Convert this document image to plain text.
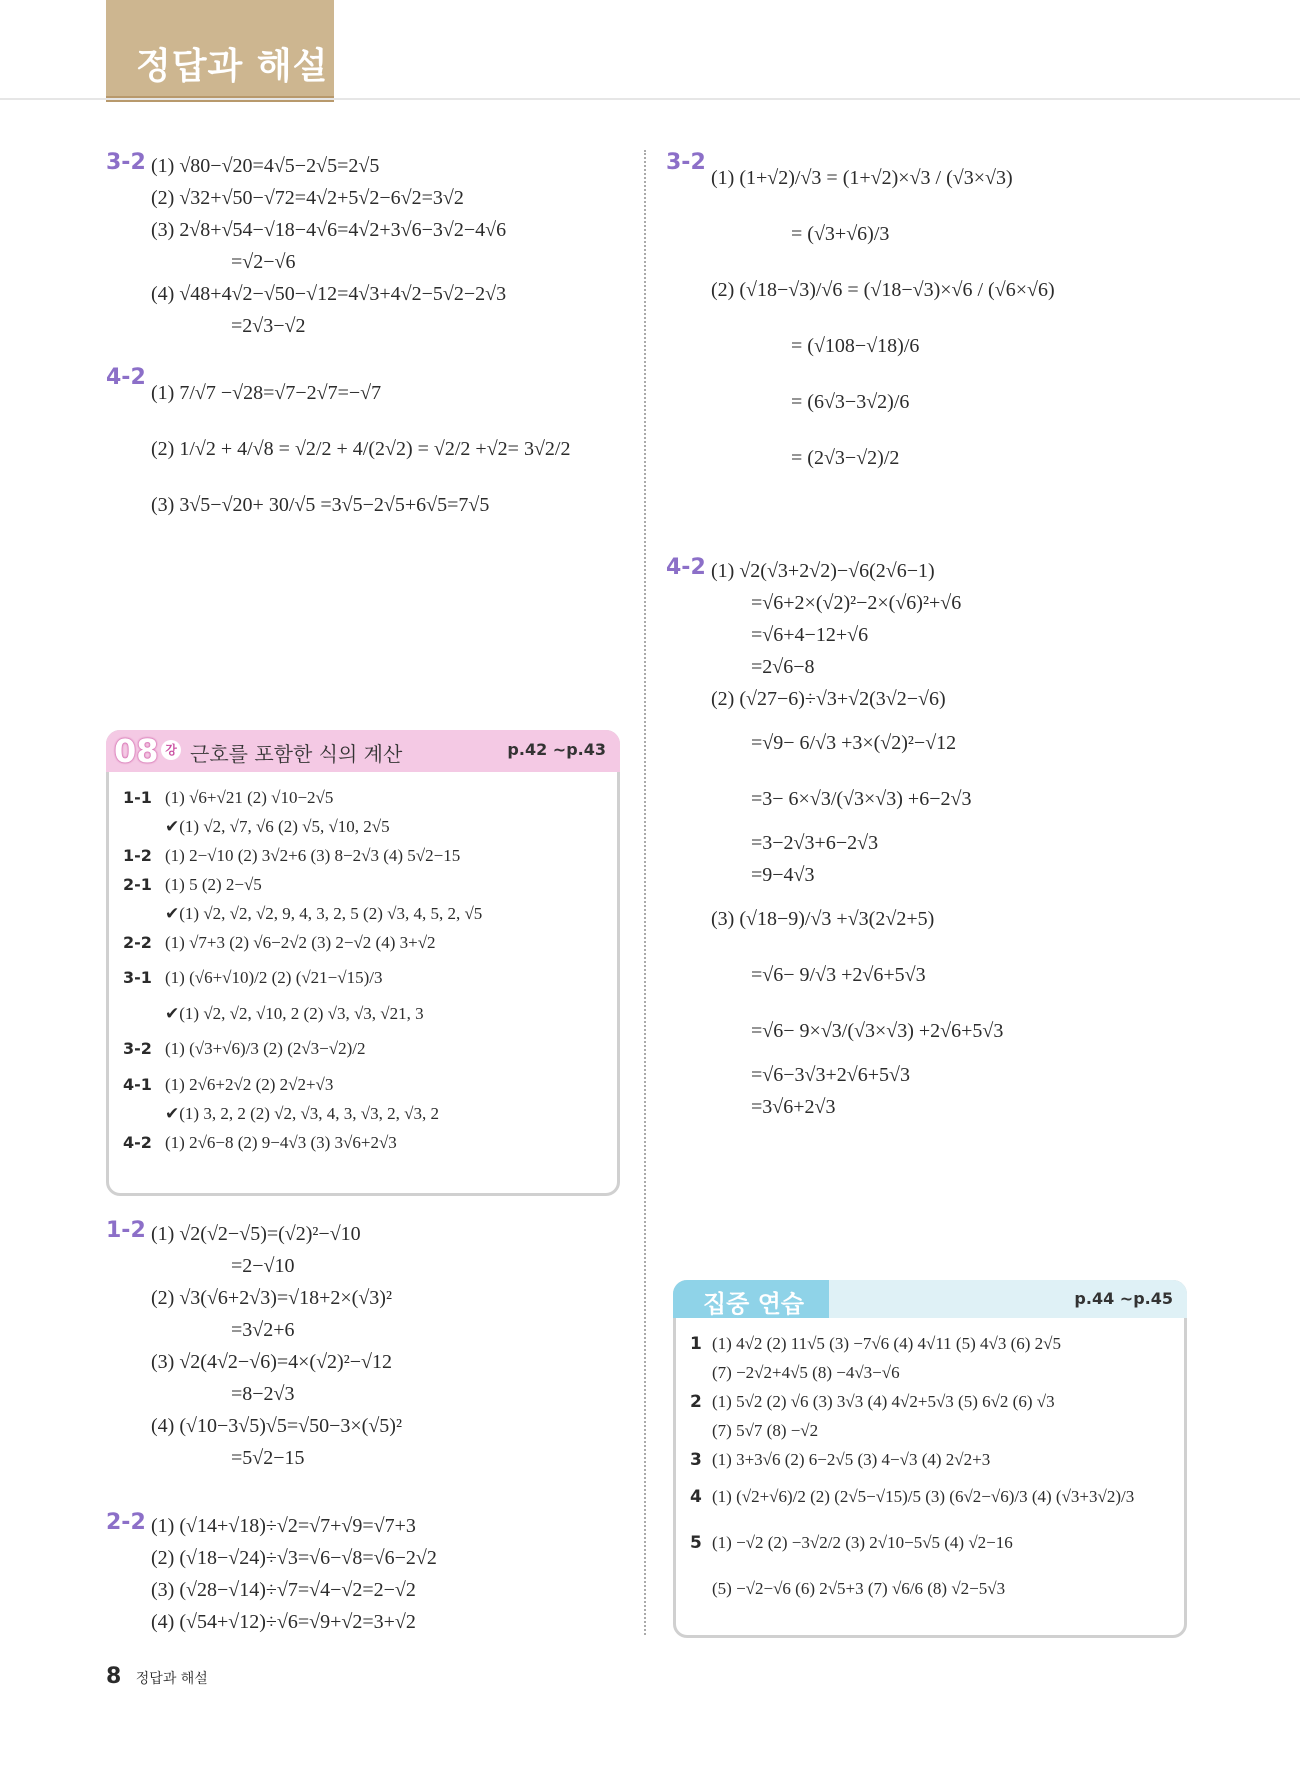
정답과 해설
3-2 (1) √80−√20=4√5−2√5=2√5
(2) √32+√50−√72=4√2+5√2−6√2=3√2
(3) 2√8+√54−√18−4√6=4√2+3√6−3√2−4√6
=√2−√6
(4) √48+4√2−√50−√12=4√3+4√2−5√2−2√3
=2√3−√2
4-2
(1) 7/√7 −√28=√7−2√7=−√7
(2) 1/√2 + 4/√8 = √2/2 + 4/(2√2) = √2/2 +√2= 3√2/2
(3) 3√5−√20+ 30/√5 =3√5−2√5+6√5=7√5
1-2 (1) √2(√2−√5)=(√2)²−√10
=2−√10
(2) √3(√6+2√3)=√18+2×(√3)²
=3√2+6
(3) √2(4√2−√6)=4×(√2)²−√12
=8−2√3
(4) (√10−3√5)√5=√50−3×(√5)²
=5√2−15
2-2 (1) (√14+√18)÷√2=√7+√9=√7+3
(2) (√18−√24)÷√3=√6−√8=√6−2√2
(3) (√28−√14)÷√7=√4−√2=2−√2
(4) (√54+√12)÷√6=√9+√2=3+√2
3-2
(1) (1+√2)/√3 = (1+√2)×√3 / (√3×√3)
= (√3+√6)/3
(2) (√18−√3)/√6 = (√18−√3)×√6 / (√6×√6)
= (√108−√18)/6
= (6√3−3√2)/6
= (2√3−√2)/2
4-2 (1) √2(√3+2√2)−√6(2√6−1)
=√6+2×(√2)²−2×(√6)²+√6
=√6+4−12+√6
=2√6−8
(2) (√27−6)÷√3+√2(3√2−√6)
=√9− 6/√3 +3×(√2)²−√12
=3− 6×√3/(√3×√3) +6−2√3
=3−2√3+6−2√3
=9−4√3
(3) (√18−9)/√3 +√3(2√2+5)
=√6− 9/√3 +2√6+5√3
=√6− 9×√3/(√3×√3) +2√6+5√3
=√6−3√3+2√6+5√3
=3√6+2√3
08 강 근호를 포함한 식의 계산	p.42 ~p.43
1-1 (1) √6+√21 (2) √10−2√5
✔(1) √2, √7, √6 (2) √5, √10, 2√5
1-2 (1) 2−√10 (2) 3√2+6 (3) 8−2√3 (4) 5√2−15
2-1 (1) 5 (2) 2−√5
✔(1) √2, √2, √2, 9, 4, 3, 2, 5 (2) √3, 4, 5, 2, √5
2-2 (1) √7+3 (2) √6−2√2 (3) 2−√2 (4) 3+√2
3-1 (1) (√6+√10)/2 (2) (√21−√15)/3
✔(1) √2, √2, √10, 2 (2) √3, √3, √21, 3
3-2 (1) (√3+√6)/3 (2) (2√3−√2)/2
4-1 (1) 2√6+2√2 (2) 2√2+√3
✔(1) 3, 2, 2 (2) √2, √3, 4, 3, √3, 2, √3, 2
4-2 (1) 2√6−8 (2) 9−4√3 (3) 3√6+2√3
집중 연습	p.44 ~p.45
1 (1) 4√2 (2) 11√5 (3) −7√6 (4) 4√11 (5) 4√3 (6) 2√5
(7) −2√2+4√5 (8) −4√3−√6
2 (1) 5√2 (2) √6 (3) 3√3 (4) 4√2+5√3 (5) 6√2 (6) √3
(7) 5√7 (8) −√2
3 (1) 3+3√6 (2) 6−2√5 (3) 4−√3 (4) 2√2+3
4 (1) (√2+√6)/2 (2) (2√5−√15)/5 (3) (6√2−√6)/3 (4) (√3+3√2)/3
5 (1) −√2 (2) −3√2/2 (3) 2√10−5√5 (4) √2−16
(5) −√2−√6 (6) 2√5+3 (7) √6/6 (8) √2−5√3
8 정답과 해설
